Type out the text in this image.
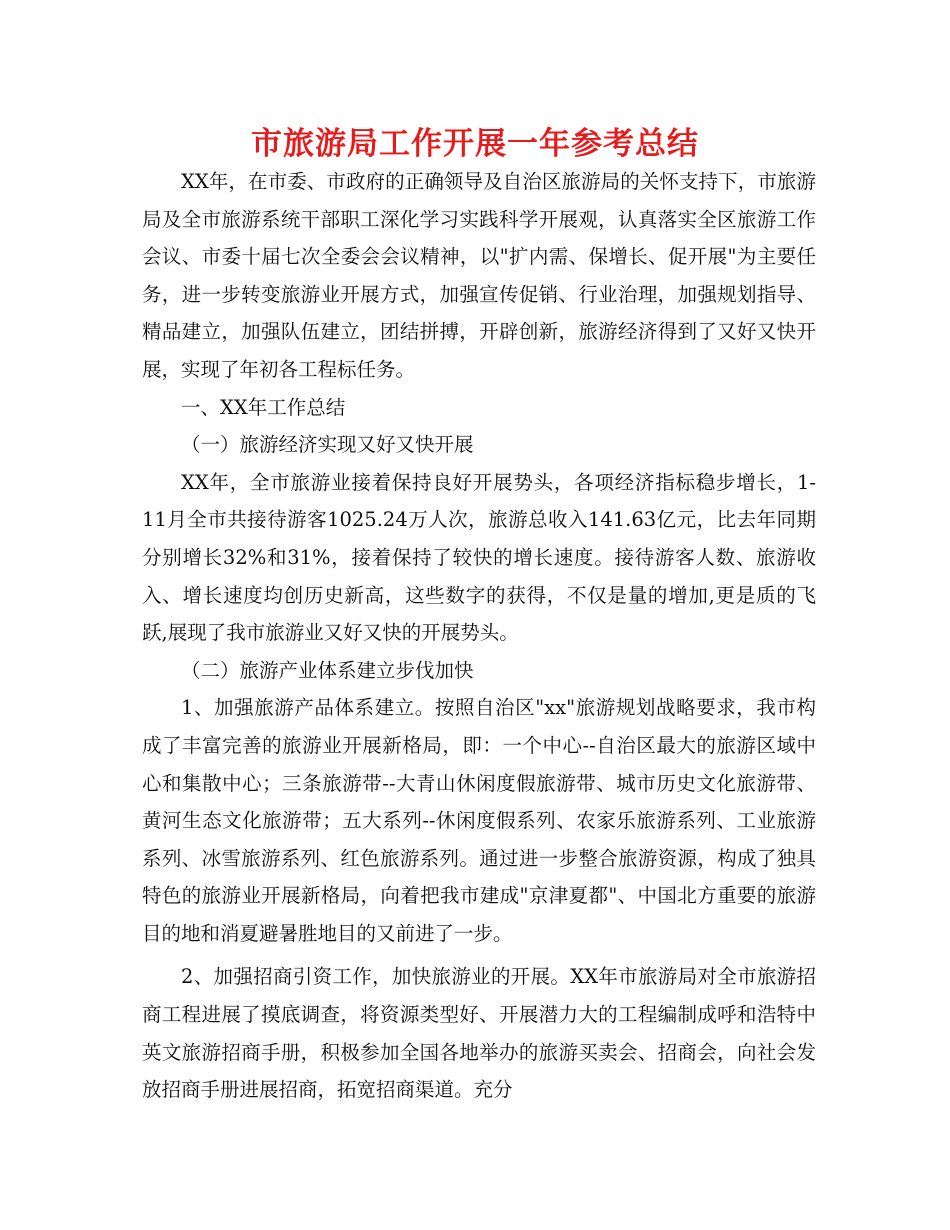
市旅游局工作开展一年参考总结

XX年，在市委、市政府的正确领导及自治区旅游局的关怀支持下，市旅游局及全市旅游系统干部职工深化学习实践科学开展观，认真落实全区旅游工作会议、市委十届七次全委会会议精神，以"扩内需、保增长、促开展"为主要任务，进一步转变旅游业开展方式，加强宣传促销、行业治理，加强规划指导、精品建立，加强队伍建立，团结拼搏，开辟创新，旅游经济得到了又好又快开展，实现了年初各工程标任务。

一、XX年工作总结

（一）旅游经济实现又好又快开展

XX年，全市旅游业接着保持良好开展势头，各项经济指标稳步增长，1-11月全市共接待游客1025.24万人次，旅游总收入141.63亿元，比去年同期分别增长32%和31%，接着保持了较快的增长速度。接待游客人数、旅游收入、增长速度均创历史新高，这些数字的获得，不仅是量的增加,更是质的飞跃,展现了我市旅游业又好又快的开展势头。

（二）旅游产业体系建立步伐加快

1、加强旅游产品体系建立。按照自治区"xx"旅游规划战略要求，我市构成了丰富完善的旅游业开展新格局，即：一个中心--自治区最大的旅游区域中心和集散中心；三条旅游带--大青山休闲度假旅游带、城市历史文化旅游带、黄河生态文化旅游带；五大系列--休闲度假系列、农家乐旅游系列、工业旅游系列、冰雪旅游系列、红色旅游系列。通过进一步整合旅游资源，构成了独具特色的旅游业开展新格局，向着把我市建成"京津夏都"、中国北方重要的旅游目的地和消夏避暑胜地目的又前进了一步。

2、加强招商引资工作，加快旅游业的开展。XX年市旅游局对全市旅游招商工程进展了摸底调查，将资源类型好、开展潜力大的工程编制成呼和浩特中英文旅游招商手册，积极参加全国各地举办的旅游买卖会、招商会，向社会发放招商手册进展招商，拓宽招商渠道。充分
